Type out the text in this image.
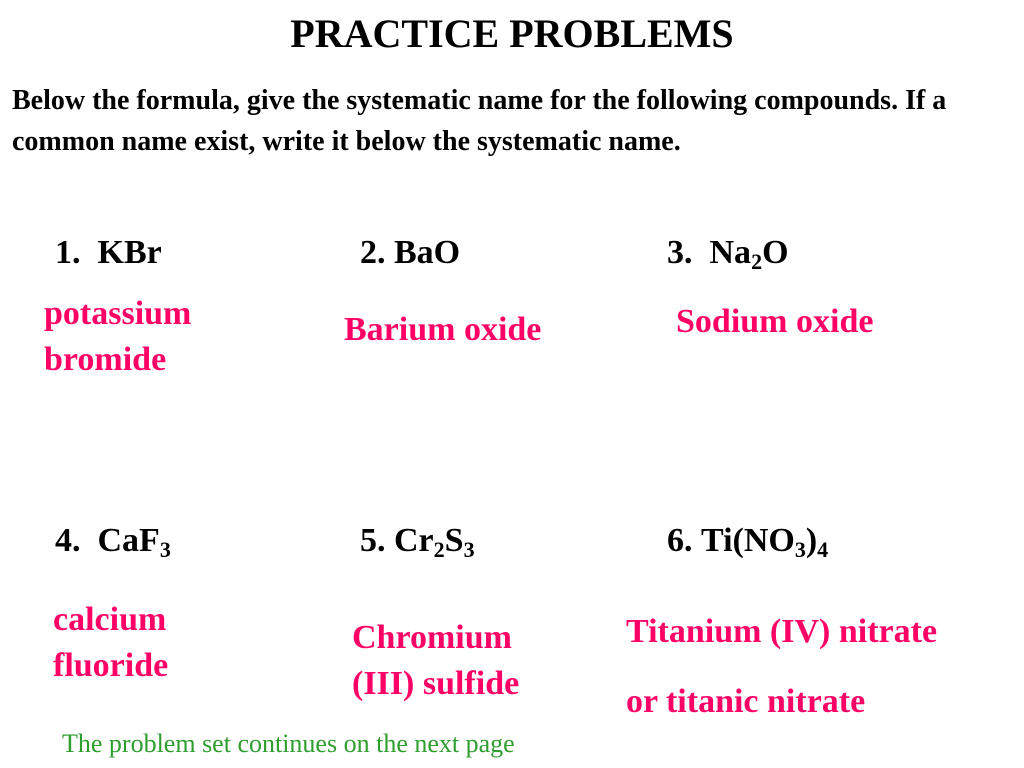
PRACTICE PROBLEMS
Below the formula, give the systematic name for the following compounds. If a common name exist, write it below the systematic name.
1. KBr
potassium
bromide
2. BaO
Barium oxide
3. $Na_2O$
Sodium oxide
4. CaF$_3$
calcium
fluoride
5. $Cr_2S_3$
Chromium
(III) sulfide
6. $Ti(NO_3)_4$
Titanium (IV) nitrate
or titanic nitrate
The problem set continues on the next page
